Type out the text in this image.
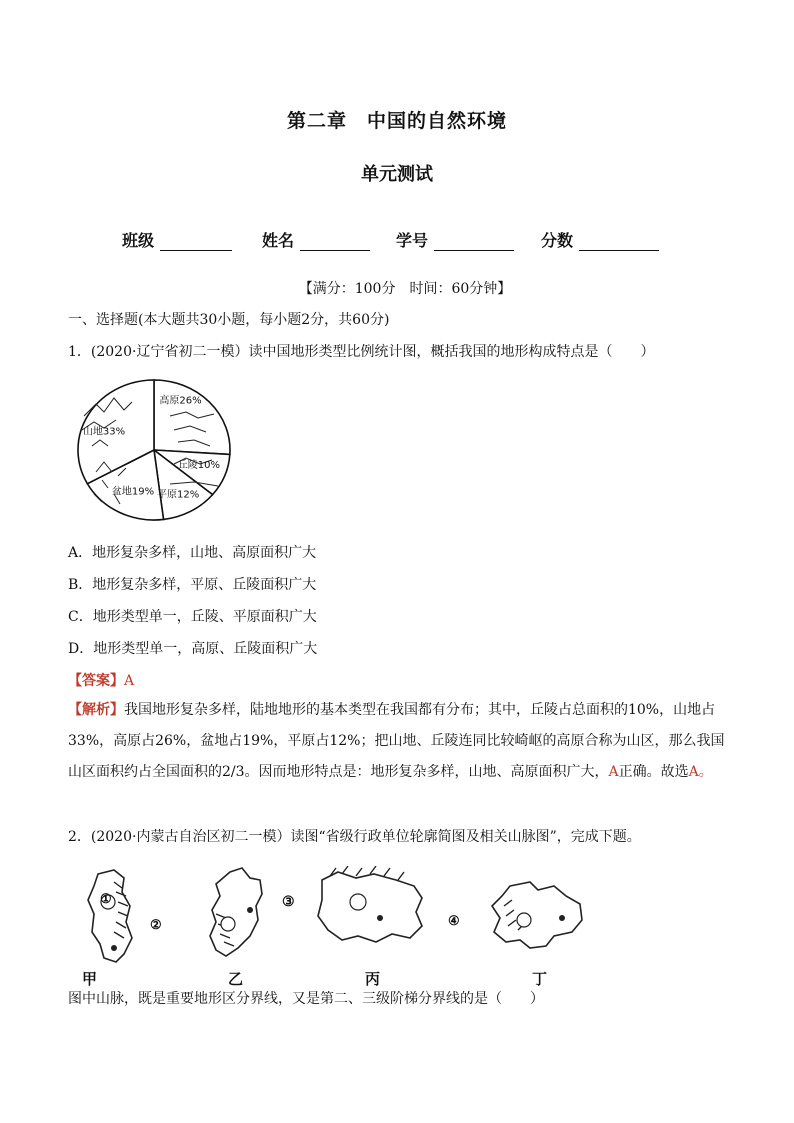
第二章　中国的自然环境
单元测试
班级	姓名	学号	分数
【满分：100分　时间：60分钟】
一、选择题(本大题共30小题，每小题2分，共60分)
1．(2020·辽宁省初二一模）读中国地形类型比例统计图，概括我国的地形构成特点是（　　）
山地33%
高原26%
丘陵10%
平原12%
盆地19%
A．地形复杂多样，山地、高原面积广大
B．地形复杂多样，平原、丘陵面积广大
C．地形类型单一，丘陵、平原面积广大
D．地形类型单一，高原、丘陵面积广大
【答案】A
【解析】我国地形复杂多样，陆地地形的基本类型在我国都有分布；其中，丘陵占总面积的10%，山地占33%，高原占26%，盆地占19%，平原占12%；把山地、丘陵连同比较崎岖的高原合称为山区，那么我国山区面积约占全国面积的2/3。因而地形特点是：地形复杂多样，山地、高原面积广大，A正确。故选A。
2．(2020·内蒙古自治区初二一模）读图“省级行政单位轮廓简图及相关山脉图”，完成下题。
①
②
③
④
甲	乙	丙	丁
图中山脉，既是重要地形区分界线，又是第二、三级阶梯分界线的是（　　）
